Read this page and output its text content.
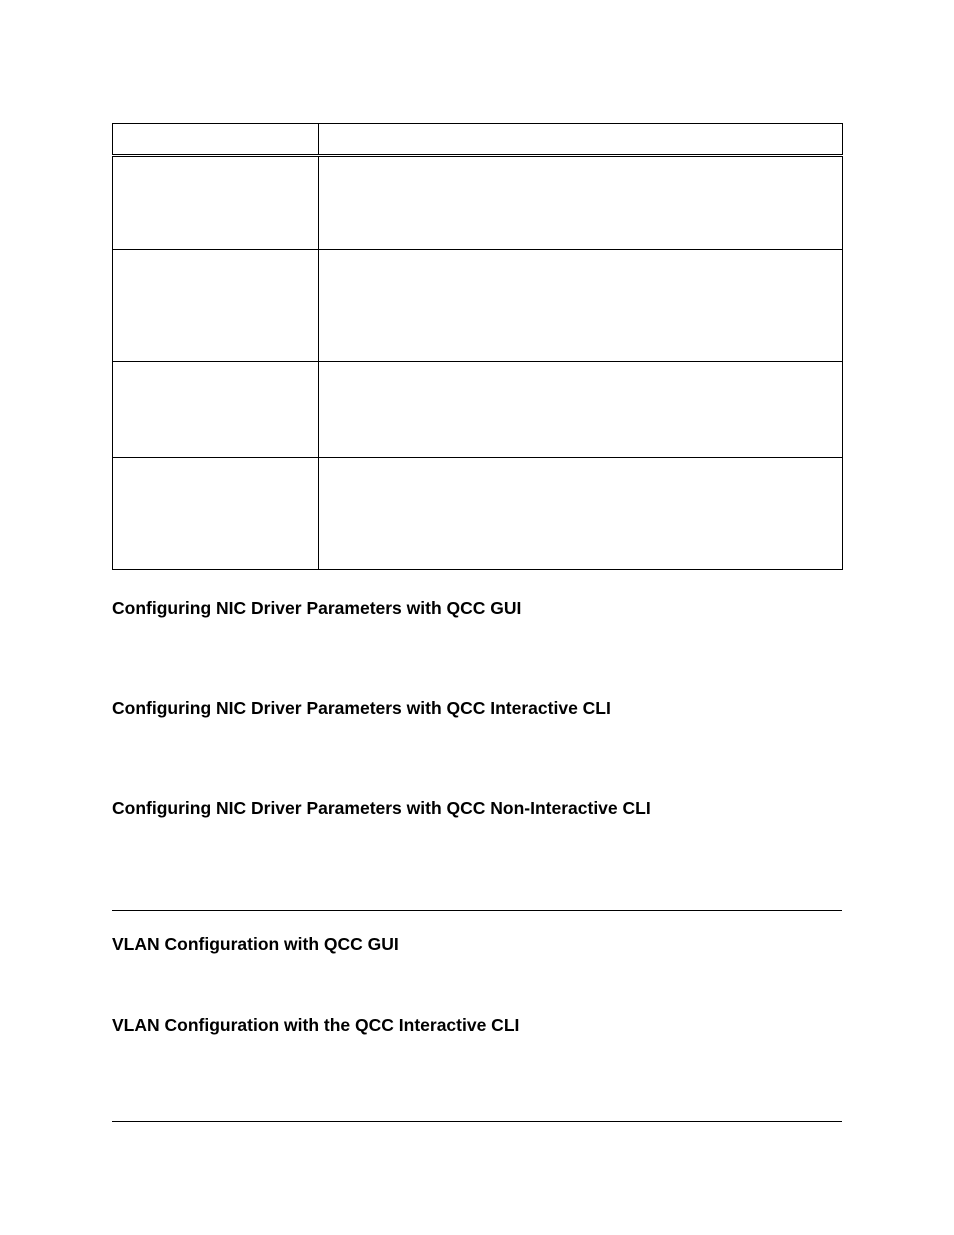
Configuring NIC Driver Parameters with QCC GUI
Configuring NIC Driver Parameters with QCC Interactive CLI
Configuring NIC Driver Parameters with QCC Non-Interactive CLI
VLAN Configuration with QCC GUI
VLAN Configuration with the QCC Interactive CLI
